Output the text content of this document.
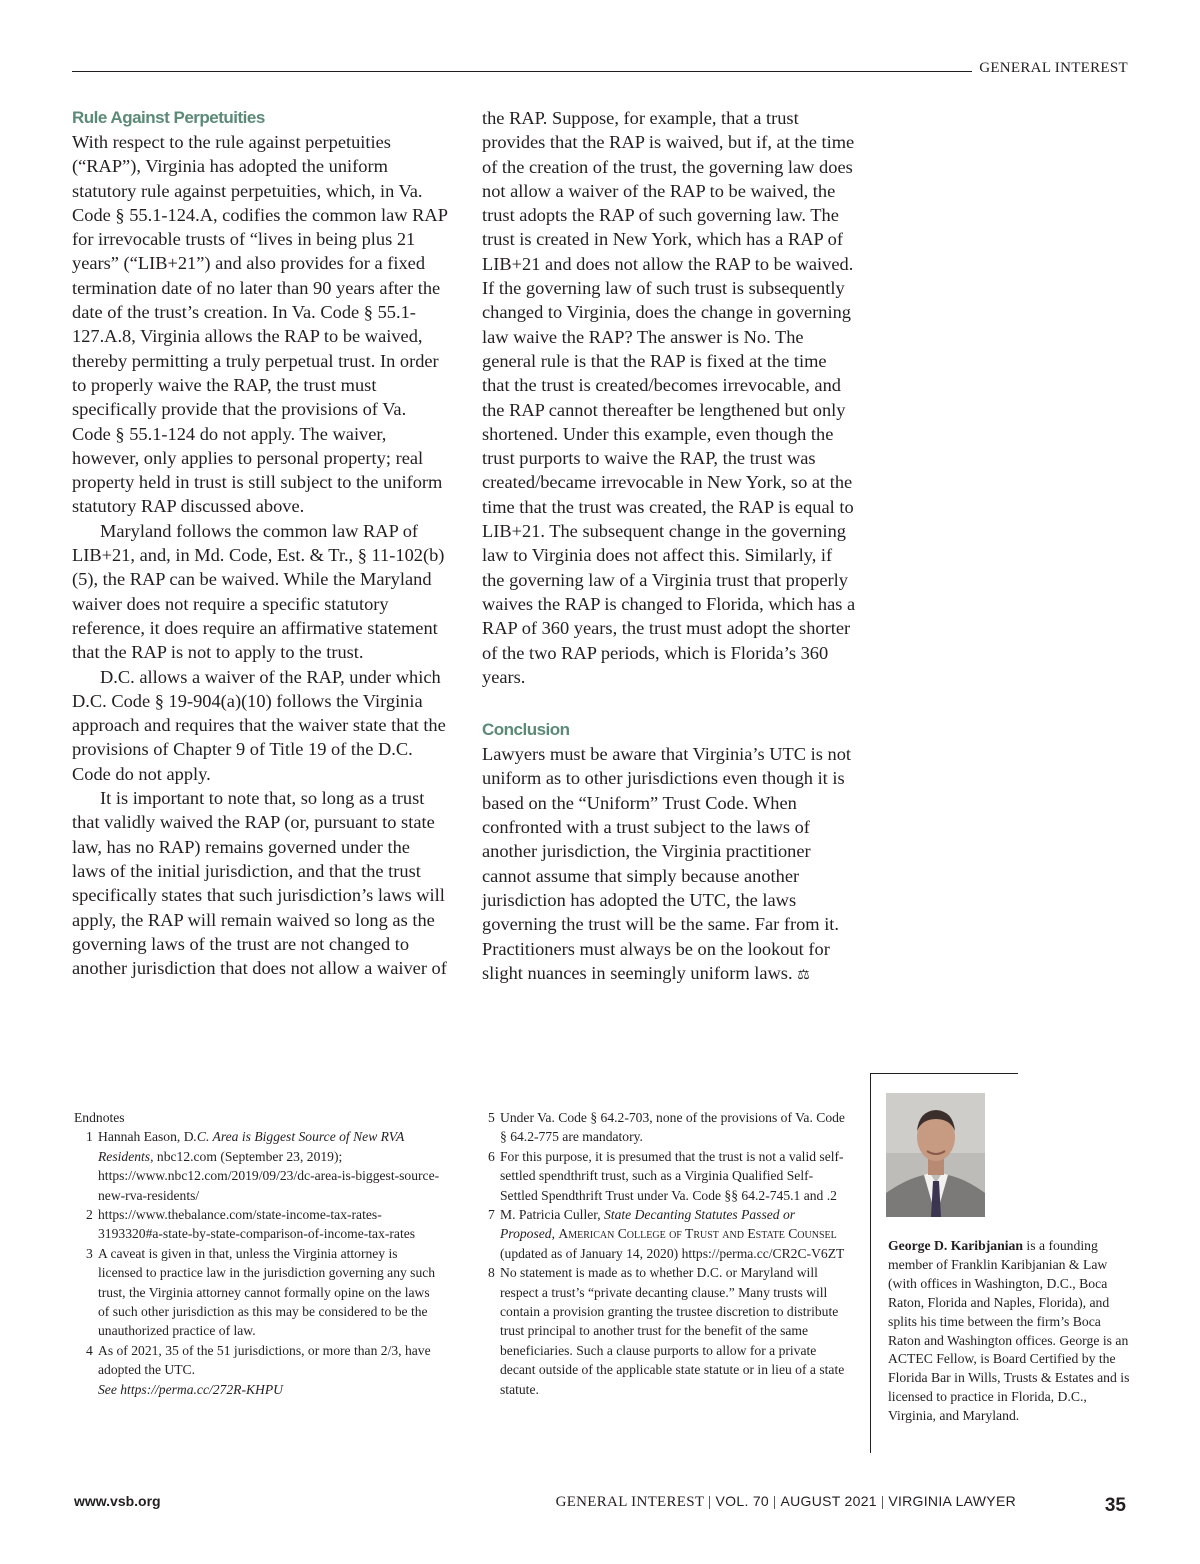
GENERAL INTEREST
Rule Against Perpetuities

With respect to the rule against perpetuities (“RAP”), Virginia has adopted the uniform statutory rule against perpetuities, which, in Va. Code § 55.1-124.A, codifies the common law RAP for irrevocable trusts of “lives in being plus 21 years” (“LIB+21”) and also provides for a fixed termination date of no later than 90 years after the date of the trust’s creation. In Va. Code § 55.1-127.A.8, Virginia allows the RAP to be waived, thereby permitting a truly perpetual trust. In order to properly waive the RAP, the trust must specifically provide that the provisions of Va. Code § 55.1-124 do not apply. The waiver, however, only applies to personal property; real property held in trust is still subject to the uniform statutory RAP discussed above.

Maryland follows the common law RAP of LIB+21, and, in Md. Code, Est. & Tr., § 11-102(b)(5), the RAP can be waived. While the Maryland waiver does not require a specific statutory reference, it does require an affirmative statement that the RAP is not to apply to the trust.

D.C. allows a waiver of the RAP, under which D.C. Code § 19-904(a)(10) follows the Virginia approach and requires that the waiver state that the provisions of Chapter 9 of Title 19 of the D.C. Code do not apply.

It is important to note that, so long as a trust that validly waived the RAP (or, pursuant to state law, has no RAP) remains governed under the laws of the initial jurisdiction, and that the trust specifically states that such jurisdiction’s laws will apply, the RAP will remain waived so long as the governing laws of the trust are not changed to another jurisdiction that does not allow a waiver of

the RAP. Suppose, for example, that a trust provides that the RAP is waived, but if, at the time of the creation of the trust, the governing law does not allow a waiver of the RAP to be waived, the trust adopts the RAP of such governing law. The trust is created in New York, which has a RAP of LIB+21 and does not allow the RAP to be waived. If the governing law of such trust is subsequently changed to Virginia, does the change in governing law waive the RAP? The answer is No. The general rule is that the RAP is fixed at the time that the trust is created/becomes irrevocable, and the RAP cannot thereafter be lengthened but only shortened. Under this example, even though the trust purports to waive the RAP, the trust was created/became irrevocable in New York, so at the time that the trust was created, the RAP is equal to LIB+21. The subsequent change in the governing law to Virginia does not affect this. Similarly, if the governing law of a Virginia trust that properly waives the RAP is changed to Florida, which has a RAP of 360 years, the trust must adopt the shorter of the two RAP periods, which is Florida’s 360 years.

Conclusion

Lawyers must be aware that Virginia’s UTC is not uniform as to other jurisdictions even though it is based on the “Uniform” Trust Code. When confronted with a trust subject to the laws of another jurisdiction, the Virginia practitioner cannot assume that simply because another jurisdiction has adopted the UTC, the laws governing the trust will be the same. Far from it. Practitioners must always be on the lookout for slight nuances in seemingly uniform laws. ⚖

Endnotes
1 Hannah Eason, D.C. Area is Biggest Source of New RVA Residents, nbc12.com (September 23, 2019); https://www.nbc12.com/2019/09/23/dc-area-is-biggest-source-new-rva-residents/
2 https://www.thebalance.com/state-income-tax-rates-3193320#a-state-by-state-comparison-of-income-tax-rates
3 A caveat is given in that, unless the Virginia attorney is licensed to practice law in the jurisdiction governing any such trust, the Virginia attorney cannot formally opine on the laws of such other jurisdiction as this may be considered to be the unauthorized practice of law.
4 As of 2021, 35 of the 51 jurisdictions, or more than 2/3, have adopted the UTC.
See https://perma.cc/272R-KHPU
5 Under Va. Code § 64.2-703, none of the provisions of Va. Code § 64.2-775 are mandatory.
6 For this purpose, it is presumed that the trust is not a valid self-settled spendthrift trust, such as a Virginia Qualified Self-Settled Spendthrift Trust under Va. Code §§ 64.2-745.1 and .2
7 M. Patricia Culler, State Decanting Statutes Passed or Proposed, American College of Trust and Estate Counsel (updated as of January 14, 2020) https://perma.cc/CR2C-V6ZT
8 No statement is made as to whether D.C. or Maryland will respect a trust’s “private decanting clause.” Many trusts will contain a provision granting the trustee discretion to distribute trust principal to another trust for the benefit of the same beneficiaries. Such a clause purports to allow for a private decant outside of the applicable state statute or in lieu of a state statute.
George D. Karibjanian is a founding member of Franklin Karibjanian & Law (with offices in Washington, D.C., Boca Raton, Florida and Naples, Florida), and splits his time between the firm’s Boca Raton and Washington offices. George is an ACTEC Fellow, is Board Certified by the Florida Bar in Wills, Trusts & Estates and is licensed to practice in Florida, D.C., Virginia, and Maryland.
www.vsb.org	GENERAL INTEREST | VOL. 70 | AUGUST 2021 | VIRGINIA LAWYER	35
